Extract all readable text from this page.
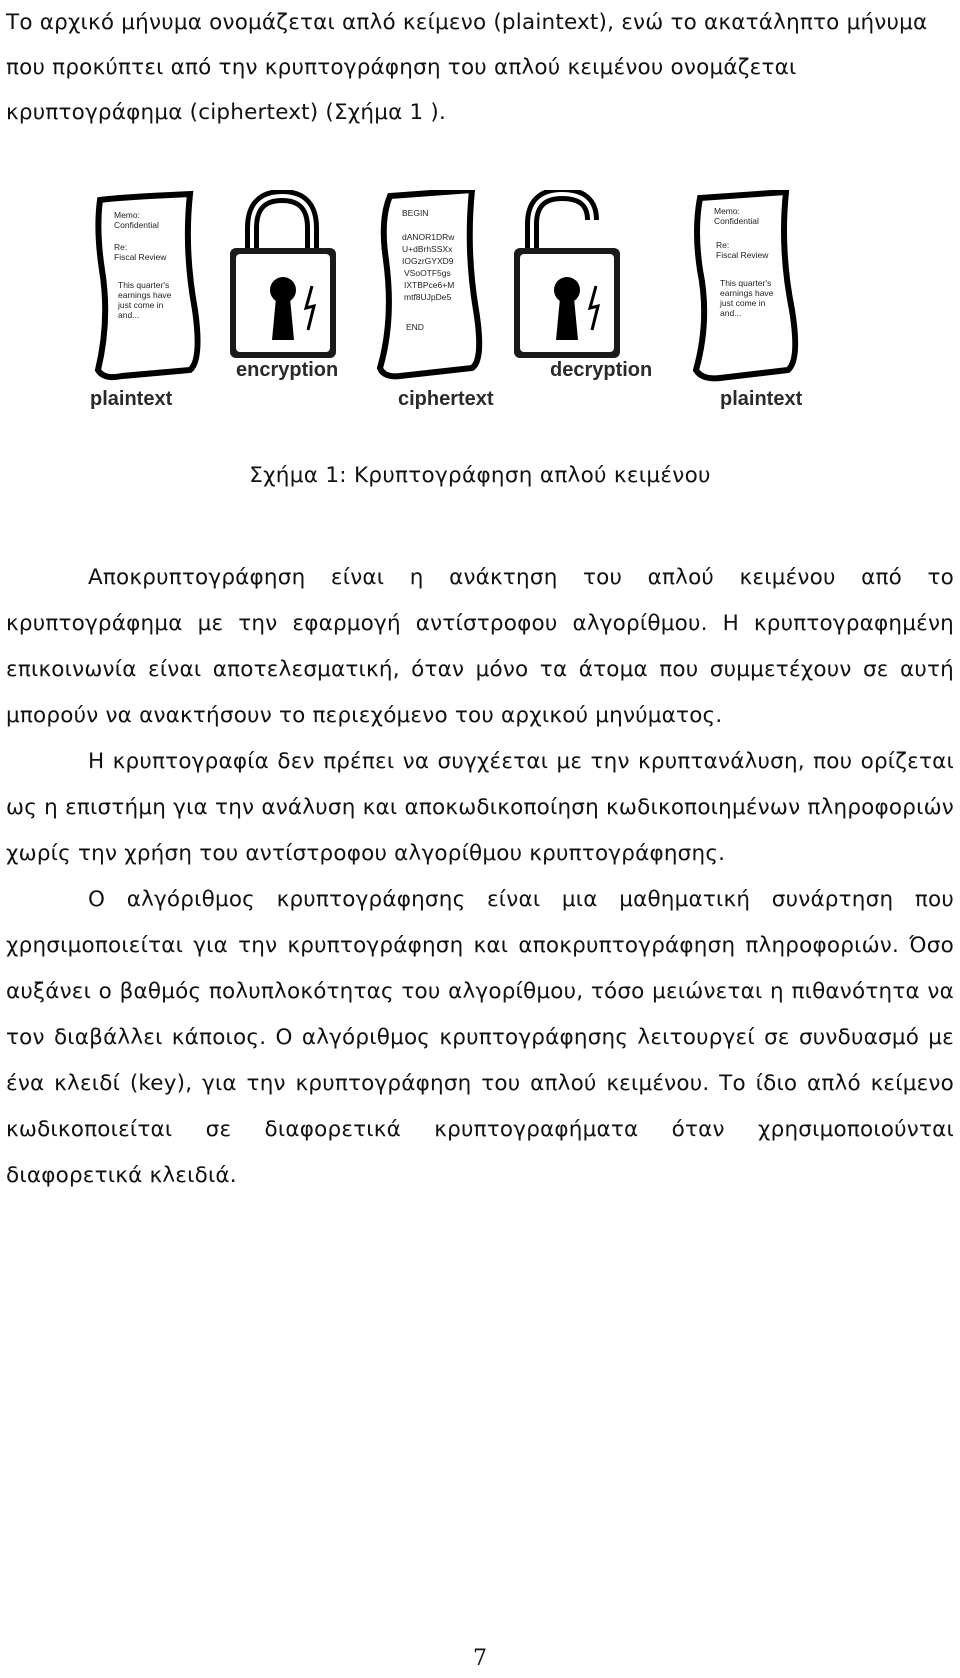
Το αρχικό μήνυμα ονομάζεται απλό κείμενο (plaintext), ενώ το ακατάληπτο μήνυμα που προκύπτει από την κρυπτογράφηση του απλού κειμένου ονομάζεται κρυπτογράφημα (ciphertext) (Σχήμα 1 ).
Memo: Confidential Re: Fiscal Review This quarter's earnings have just come in and...
BEGIN dANOR1DRw U+dBrhSSXx IOGzrGYXD9 VSoOTF5gs IXTBPce6+M mtf8UJpDe5 END
Memo: Confidential Re: Fiscal Review This quarter's earnings have just come in and...
plaintext
encryption
ciphertext
decryption
plaintext
Σχήμα 1: Κρυπτογράφηση απλού κειμένου

Αποκρυπτογράφηση είναι η ανάκτηση του απλού κειμένου από το κρυπτογράφημα με την εφαρμογή αντίστροφου αλγορίθμου. Η κρυπτογραφημένη επικοινωνία είναι αποτελεσματική, όταν μόνο τα άτομα που συμμετέχουν σε αυτή μπορούν να ανακτήσουν το περιεχόμενο του αρχικού μηνύματος.

Η κρυπτογραφία δεν πρέπει να συγχέεται με την κρυπτανάλυση, που ορίζεται ως η επιστήμη για την ανάλυση και αποκωδικοποίηση κωδικοποιημένων πληροφοριών χωρίς την χρήση του αντίστροφου αλγορίθμου κρυπτογράφησης.

Ο αλγόριθμος κρυπτογράφησης είναι μια μαθηματική συνάρτηση που χρησιμοποιείται για την κρυπτογράφηση και αποκρυπτογράφηση πληροφοριών. Όσο αυξάνει ο βαθμός πολυπλοκότητας του αλγορίθμου, τόσο μειώνεται η πιθανότητα να τον διαβάλλει κάποιος. Ο αλγόριθμος κρυπτογράφησης λειτουργεί σε συνδυασμό με ένα κλειδί (key), για την κρυπτογράφηση του απλού κειμένου. Το ίδιο απλό κείμενο κωδικοποιείται σε διαφορετικά κρυπτογραφήματα όταν χρησιμοποιούνται διαφορετικά κλειδιά.

7
